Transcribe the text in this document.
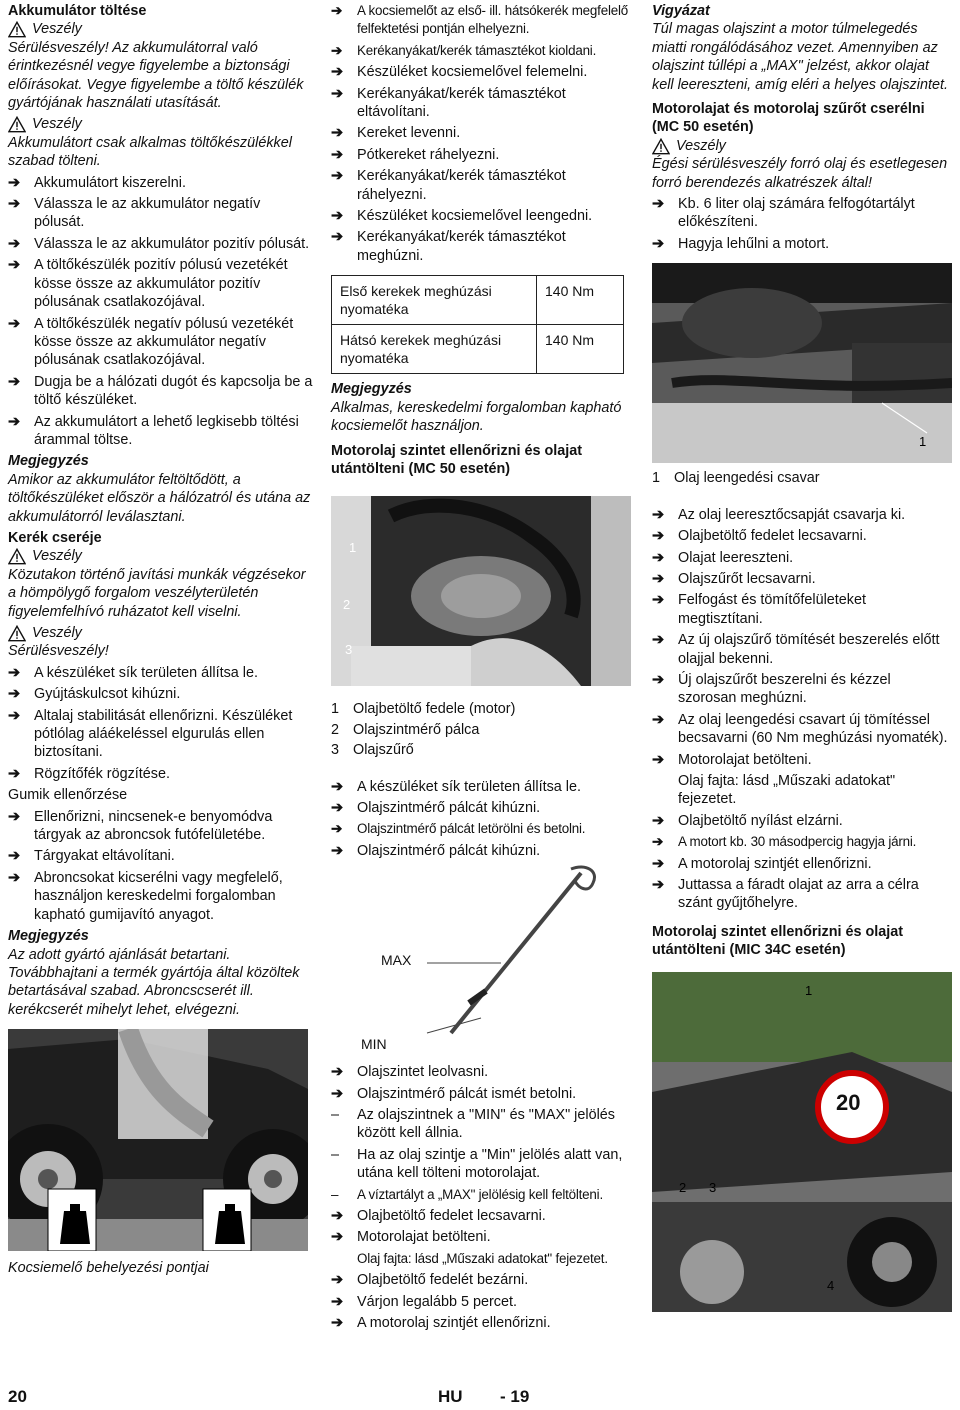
Akkumulátor töltése

Veszély

Sérülésveszély! Az akkumulátorral való érintkezésnél vegye figyelembe a biztonsági előírásokat. Vegye figyelembe a töltő készülék gyártójának használati utasítását.

Veszély

Akkumulátort csak alkalmas töltőkészülékkel szabad tölteni.

➔ Akkumulátort kiszerelni.

➔ Válassza le az akkumulátor negatív pólusát.

➔ Válassza le az akkumulátor pozitív pólusát.

➔ A töltőkészülék pozitív pólusú vezetékét kösse össze az akkumulátor pozitív pólusának csatlakozójával.

➔ A töltőkészülék negatív pólusú vezetékét kösse össze az akkumulátor negatív pólusának csatlakozójával.

➔ Dugja be a hálózati dugót és kapcsolja be a töltő készüléket.

➔ Az akkumulátort a lehető legkisebb töltési árammal töltse.

Megjegyzés

Amikor az akkumulátor feltöltődött, a töltőkészüléket először a hálózatról és utána az akkumulátorról leválasztani.

Kerék cseréje

Veszély

Közutakon történő javítási munkák végzésekor a hömpölygő forgalom veszélyterületén figyelemfelhívó ruházatot kell viselni.

Veszély

Sérülésveszély!

➔ A készüléket sík területen állítsa le.

➔ Gyújtáskulcsot kihúzni.

➔ Altalaj stabilitását ellenőrizni. Készüléket pótlólag aláékeléssel elgurulás ellen biztosítani.

➔ Rögzítőfék rögzítése.

Gumik ellenőrzése

➔ Ellenőrizni, nincsenek-e benyomódva tárgyak az abroncsok futófelületébe.

➔ Tárgyakat eltávolítani.

➔ Abroncsokat kicserélni vagy megfelelő, használjon kereskedelmi forgalomban kapható gumijavító anyagot.

Megjegyzés

Az adott gyártó ajánlását betartani. Továbbhajtani a termék gyártója által közöltek betartásával szabad. Abroncscserét ill. kerékcserét mihelyt lehet, elvégezni.

Kocsiemelő behelyezési pontjai

➔	A kocsiemelőt az első- ill. hátsókerék megfelelő felfektetési pontján elhelyezni.

➔	Kerékanyákat/kerék támasztékot kioldani.

➔ Készüléket kocsiemelővel felemelni.

➔ Kerékanyákat/kerék támasztékot eltávolítani.

➔ Kereket levenni.

➔ Pótkereket ráhelyezni.

➔ Kerékanyákat/kerék támasztékot ráhelyezni.

➔ Készüléket kocsiemelővel leengedni.

➔ Kerékanyákat/kerék támasztékot meghúzni.

Első kerekek meghúzási nyomatéka	140 Nm
Hátsó kerekek meghúzási nyomatéka	140 Nm

Megjegyzés

Alkalmas, kereskedelmi forgalomban kapható kocsiemelőt használjon.

Motorolaj szintet ellenőrizni és olajat utántölteni (MC 50 esetén)

1
2
3
1 Olajbetöltő fedele (motor)
2 Olajszintmérő pálca
3 Olajszűrő

➔ A készüléket sík területen állítsa le.

➔ Olajszintmérő pálcát kihúzni.

➔	Olajszintmérő pálcát letörölni és betolni.

➔ Olajszintmérő pálcát kihúzni.

MAX
MIN

➔ Olajszintet leolvasni.

➔ Olajszintmérő pálcát ismét betolni.

– Az olajszintnek a "MIN" és "MAX" jelölés között kell állnia.

– Ha az olaj szintje a "Min" jelölés alatt van, utána kell tölteni motorolajat.

– A víztartályt a „MAX" jelölésig kell feltölteni.

➔ Olajbetöltő fedelet lecsavarni.

➔ Motorolajat betölteni.

Olaj fajta: lásd „Műszaki adatokat" fejezetet.

➔ Olajbetöltő fedelét bezárni.

➔ Várjon legalább 5 percet.

➔ A motorolaj szintjét ellenőrizni.

Vigyázat

Túl magas olajszint a motor túlmelegedés miatti rongálódásához vezet. Amennyiben az olajszint túllépi a „MAX" jelzést, akkor olajat kell leereszteni, amíg eléri a helyes olajszintet.

Motorolajat és motorolaj szűrőt cserélni (MC 50 esetén)

Veszély

Égési sérülésveszély forró olaj és esetlegesen forró berendezés alkatrészek által!

➔ Kb. 6 liter olaj számára felfogótartályt előkészíteni.

➔ Hagyja lehűlni a motort.

1
1 Olaj leengedési csavar

➔ Az olaj leeresztőcsapját csavarja ki.

➔ Olajbetöltő fedelet lecsavarni.

➔ Olajat leereszteni.

➔ Olajszűrőt lecsavarni.

➔ Felfogást és tömítőfelületeket megtisztítani.

➔ Az új olajszűrő tömítését beszerelés előtt olajjal bekenni.

➔ Új olajszűrőt beszerelni és kézzel szorosan meghúzni.

➔ Az olaj leengedési csavart új tömítéssel becsavarni (60 Nm meghúzási nyomaték).

➔ Motorolajat betölteni.

Olaj fajta: lásd „Műszaki adatokat" fejezetet.

➔ Olajbetöltő nyílást elzárni.

➔	A motort kb. 30 másodpercig hagyja járni.

➔ A motorolaj szintjét ellenőrizni.

➔ Juttassa a fáradt olajat az arra a célra szánt gyűjtőhelyre.

Motorolaj szintet ellenőrizni és olajat utántölteni (MIC 34C esetén)

20
1
2 3
4
20	HU - 19
